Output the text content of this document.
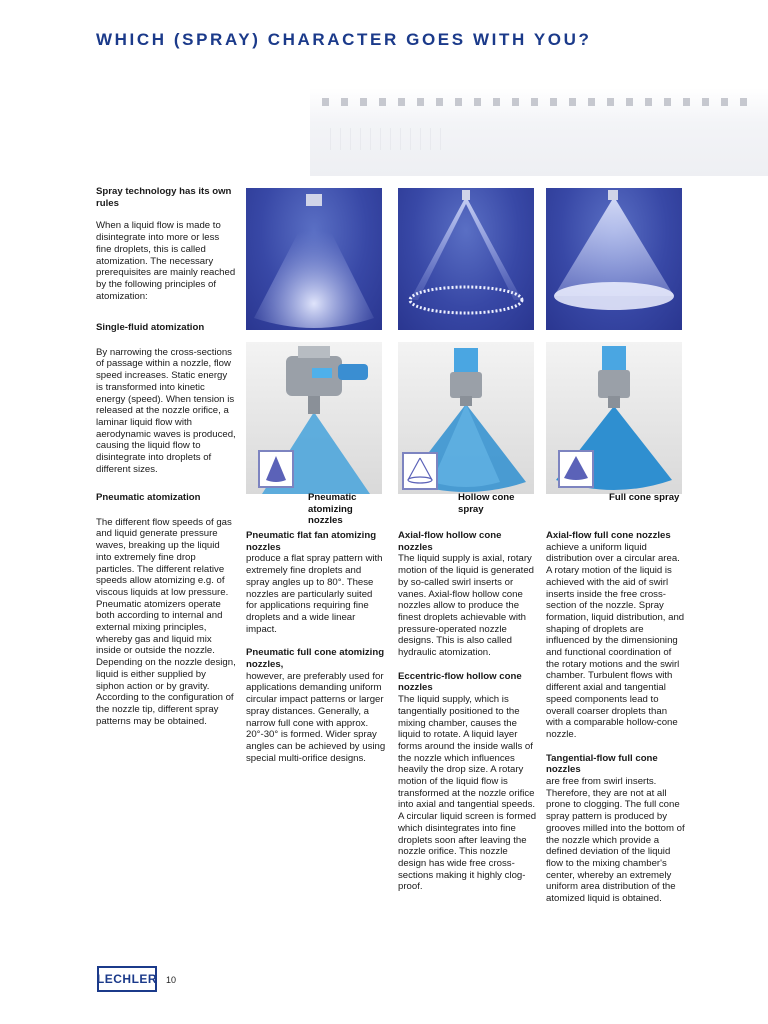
WHICH (SPRAY) CHARACTER GOES WITH YOU?
Spray technology has its own rules
When a liquid flow is made to disintegrate into more or less fine droplets, this is called atomization. The necessary prerequisites are mainly reached by the following principles of atomization:
Single-fluid atomization
By narrowing the cross-sections of passage within a nozzle, flow speed increases. Static energy is transformed into kinetic energy (speed). When tension is released at the nozzle orifice, a laminar liquid flow with aerodynamic waves is produced, causing the liquid flow to disintegrate into droplets of different sizes.
Pneumatic atomization
The different flow speeds of gas and liquid generate pressure waves, breaking up the liquid into extremely fine drop particles. The different relative speeds allow atomizing e.g. of viscous liquids at low pressure. Pneumatic atomizers operate both according to internal and external mixing principles, whereby gas and liquid mix inside or outside the nozzle. Depending on the nozzle design, liquid is either supplied by siphon action or by gravity. According to the configuration of the nozzle tip, different spray patterns may be obtained.
Pneumatic atomizing nozzles
Hollow cone spray
Full cone spray

Pneumatic flat fan atomizing nozzles
produce a flat spray pattern with extremely fine droplets and spray angles up to 80°. These nozzles are particularly suited for applications requiring fine droplets and a wide linear impact.

Pneumatic full cone atomizing nozzles,
however, are preferably used for applications demanding uniform circular impact patterns or larger spray distances. Generally, a narrow full cone with approx. 20°-30° is formed. Wider spray angles can be achieved by using special multi-orifice designs.

Axial-flow hollow cone nozzles
The liquid supply is axial, rotary motion of the liquid is generated by so-called swirl inserts or vanes. Axial-flow hollow cone nozzles allow to produce the finest droplets achievable with pressure-operated nozzle designs. This is also called hydraulic atomization.

Eccentric-flow hollow cone nozzles
The liquid supply, which is tangentially positioned to the mixing chamber, causes the liquid to rotate. A liquid layer forms around the inside walls of the nozzle which influences heavily the drop size. A rotary motion of the liquid flow is transformed at the nozzle orifice into axial and tangential speeds. A circular liquid screen is formed which disintegrates into fine droplets soon after leaving the nozzle orifice. This nozzle design has wide free cross-sections making it highly clog-proof.

Axial-flow full cone nozzles
achieve a uniform liquid distribution over a circular area. A rotary motion of the liquid is achieved with the aid of swirl inserts inside the free cross-section of the nozzle. Spray formation, liquid distribution, and shaping of droplets are influenced by the dimensioning and functional coordination of the rotary motions and the swirl chamber. Turbulent flows with different axial and tangential speed components lead to overall coarser droplets than with a comparable hollow-cone nozzle.

Tangential-flow full cone nozzles
are free from swirl inserts. Therefore, they are not at all prone to clogging. The full cone spray pattern is produced by grooves milled into the bottom of the nozzle which provide a defined deviation of the liquid flow to the mixing chamber's center, whereby an extremely uniform area distribution of the atomized liquid is obtained.

LECHLER 10
